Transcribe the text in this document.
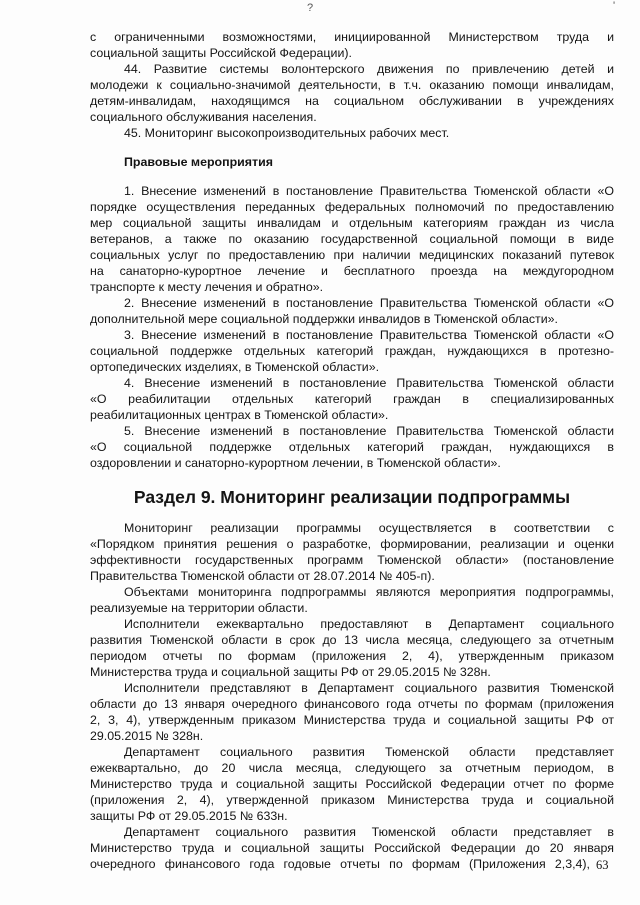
?	'
с ограниченными возможностями, инициированной Министерством труда и
социальной защиты Российской Федерации).
44. Развитие системы волонтерского движения по привлечению детей и
молодежи к социально-значимой деятельности, в т.ч. оказанию помощи инвалидам,
детям-инвалидам, находящимся на социальном обслуживании в учреждениях
социального обслуживания населения.
45. Мониторинг высокопроизводительных рабочих мест.
Правовые мероприятия
1. Внесение изменений в постановление Правительства Тюменской области «О
порядке осуществления переданных федеральных полномочий по предоставлению
мер социальной защиты инвалидам и отдельным категориям граждан из числа
ветеранов, а также по оказанию государственной социальной помощи в виде
социальных услуг по предоставлению при наличии медицинских показаний путевок
на санаторно-курортное лечение и бесплатного проезда на междугородном
транспорте к месту лечения и обратно».
2. Внесение изменений в постановление Правительства Тюменской области «О
дополнительной мере социальной поддержки инвалидов в Тюменской области».
3. Внесение изменений в постановление Правительства Тюменской области «О
социальной поддержке отдельных категорий граждан, нуждающихся в протезно-
ортопедических изделиях, в Тюменской области».
4. Внесение изменений в постановление Правительства Тюменской области
«О реабилитации отдельных категорий граждан в специализированных
реабилитационных центрах в Тюменской области».
5. Внесение изменений в постановление Правительства Тюменской области
«О социальной поддержке отдельных категорий граждан, нуждающихся в
оздоровлении и санаторно-курортном лечении, в Тюменской области».
Раздел 9. Мониторинг реализации подпрограммы
Мониторинг реализации программы осуществляется в соответствии с
«Порядком принятия решения о разработке, формировании, реализации и оценки
эффективности государственных программ Тюменской области» (постановление
Правительства Тюменской области от 28.07.2014 № 405-п).
Объектами мониторинга подпрограммы являются мероприятия подпрограммы,
реализуемые на территории области.
Исполнители ежеквартально предоставляют в Департамент социального
развития Тюменской области в срок до 13 числа месяца, следующего за отчетным
периодом отчеты по формам (приложения 2, 4), утвержденным приказом
Министерства труда и социальной защиты РФ от 29.05.2015 № 328н.
Исполнители представляют в Департамент социального развития Тюменской
области до 13 января очередного финансового года отчеты по формам (приложения
2, 3, 4), утвержденным приказом Министерства труда и социальной защиты РФ от
29.05.2015 № 328н.
Департамент социального развития Тюменской области представляет
ежеквартально, до 20 числа месяца, следующего за отчетным периодом, в
Министерство труда и социальной защиты Российской Федерации отчет по форме
(приложения 2, 4), утвержденной приказом Министерства труда и социальной
защиты РФ от 29.05.2015 № 633н.
Департамент социального развития Тюменской области представляет в
Министерство труда и социальной защиты Российской Федерации до 20 января
очередного финансового года годовые отчеты по формам (Приложения 2,3,4), 63
